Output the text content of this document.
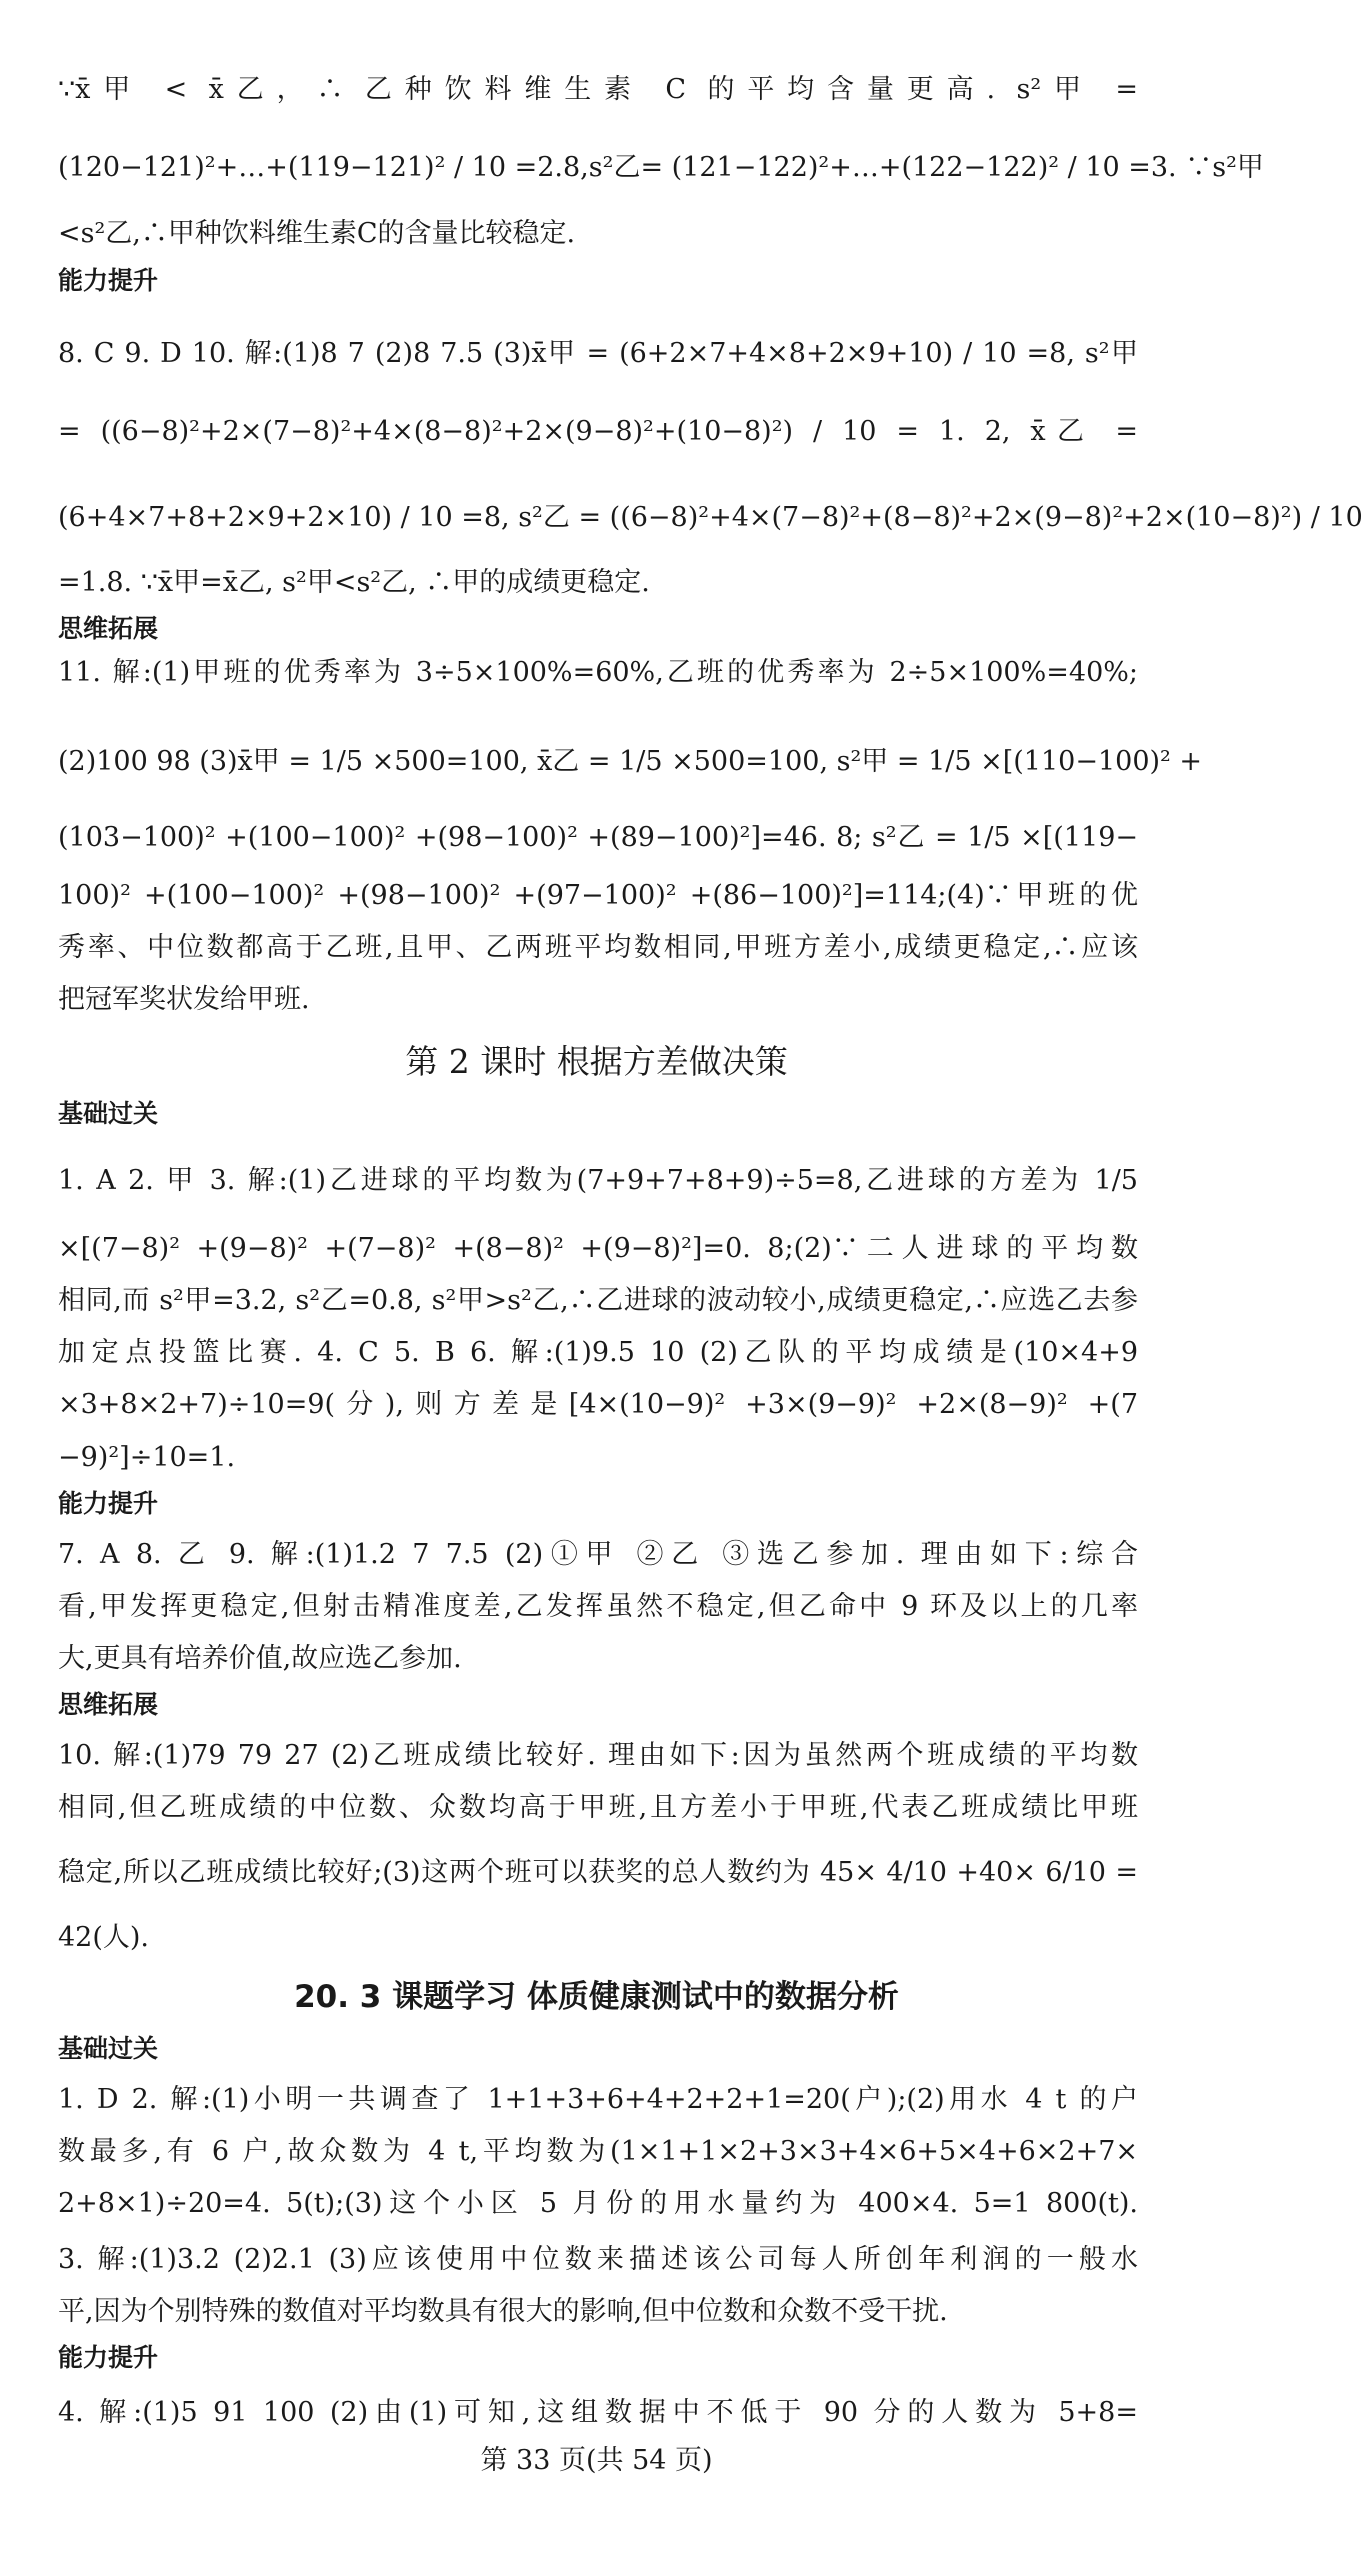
∵x̄甲 < x̄乙，∴ 乙种饮料维生素 C 的平均含量更高. s²甲 =
(120−121)²+…+(119−121)² / 10 =2.8,s²乙= (121−122)²+…+(122−122)² / 10 =3. ∵s²甲
<s²乙,∴甲种饮料维生素C的含量比较稳定.
能力提升
8. C 9. D 10. 解:(1)8 7 (2)8 7.5 (3)x̄甲 = (6+2×7+4×8+2×9+10) / 10 =8, s²甲
= ((6−8)²+2×(7−8)²+4×(8−8)²+2×(9−8)²+(10−8)²) / 10 = 1. 2, x̄乙 =
(6+4×7+8+2×9+2×10) / 10 =8, s²乙 = ((6−8)²+4×(7−8)²+(8−8)²+2×(9−8)²+2×(10−8)²) / 10
=1.8. ∵x̄甲=x̄乙, s²甲<s²乙, ∴甲的成绩更稳定.
思维拓展
11. 解:(1)甲班的优秀率为 3÷5×100%=60%,乙班的优秀率为 2÷5×100%=40%;
(2)100 98 (3)x̄甲 = 1/5 ×500=100, x̄乙 = 1/5 ×500=100, s²甲 = 1/5 ×[(110−100)² +
(103−100)² +(100−100)² +(98−100)² +(89−100)²]=46. 8; s²乙 = 1/5 ×[(119−
100)² +(100−100)² +(98−100)² +(97−100)² +(86−100)²]=114;(4)∵甲班的优
秀率、中位数都高于乙班,且甲、乙两班平均数相同,甲班方差小,成绩更稳定,∴应该
把冠军奖状发给甲班.
第 2 课时 根据方差做决策
基础过关
1. A 2. 甲 3. 解:(1)乙进球的平均数为(7+9+7+8+9)÷5=8,乙进球的方差为 1/5
×[(7−8)² +(9−8)² +(7−8)² +(8−8)² +(9−8)²]=0. 8;(2)∵二人进球的平均数
相同,而 s²甲=3.2, s²乙=0.8, s²甲>s²乙,∴乙进球的波动较小,成绩更稳定,∴应选乙去参
加定点投篮比赛. 4. C 5. B 6. 解:(1)9.5 10 (2)乙队的平均成绩是(10×4+9
×3+8×2+7)÷10=9(分),则方差是[4×(10−9)² +3×(9−9)² +2×(8−9)² +(7
−9)²]÷10=1.
能力提升
7. A 8. 乙 9. 解:(1)1.2 7 7.5 (2)①甲 ②乙 ③选乙参加. 理由如下:综合
看,甲发挥更稳定,但射击精准度差,乙发挥虽然不稳定,但乙命中 9 环及以上的几率
大,更具有培养价值,故应选乙参加.
思维拓展
10. 解:(1)79 79 27 (2)乙班成绩比较好. 理由如下:因为虽然两个班成绩的平均数
相同,但乙班成绩的中位数、众数均高于甲班,且方差小于甲班,代表乙班成绩比甲班
稳定,所以乙班成绩比较好;(3)这两个班可以获奖的总人数约为 45× 4/10 +40× 6/10 =
42(人).
20. 3 课题学习 体质健康测试中的数据分析
基础过关
1. D 2. 解:(1)小明一共调查了 1+1+3+6+4+2+2+1=20(户);(2)用水 4 t 的户
数最多,有 6 户,故众数为 4 t,平均数为(1×1+1×2+3×3+4×6+5×4+6×2+7×
2+8×1)÷20=4. 5(t);(3)这个小区 5 月份的用水量约为 400×4. 5=1 800(t).
3. 解:(1)3.2 (2)2.1 (3)应该使用中位数来描述该公司每人所创年利润的一般水
平,因为个别特殊的数值对平均数具有很大的影响,但中位数和众数不受干扰.
能力提升
4. 解:(1)5 91 100 (2)由(1)可知,这组数据中不低于 90 分的人数为 5+8=
第 33 页(共 54 页)
